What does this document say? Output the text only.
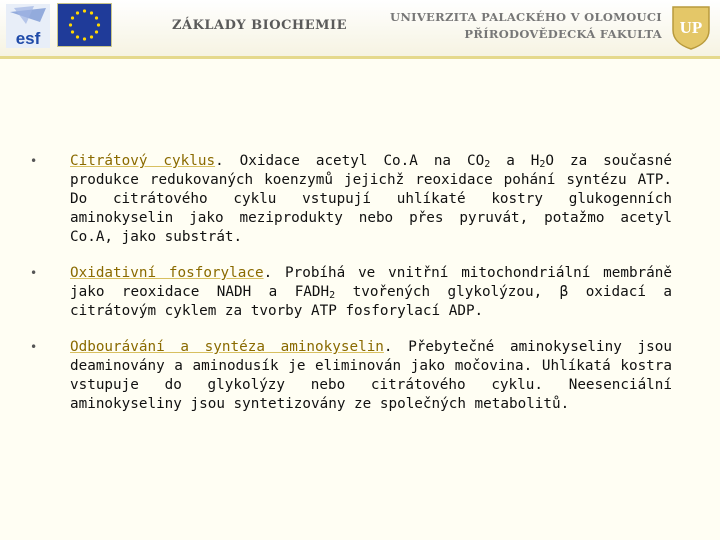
esf
ZÁKLADY BIOCHEMIE
UNIVERZITA PALACKÉHO V OLOMOUCI
PŘÍRODOVĚDECKÁ FAKULTA UP
• Citrátový cyklus. Oxidace acetyl Co.A na $CO_2$ a $H_2O$ za současné produkce redukovaných koenzymů jejichž reoxidace pohání syntézu ATP. Do citrátového cyklu vstupují uhlíkaté kostry glukogenních aminokyselin jako meziprodukty nebo přes pyruvát, potažmo acetyl Co.A, jako substrát.
• Oxidativní fosforylace. Probíhá ve vnitřní mitochondriální membráně jako reoxidace NADH a $FADH_2$ tvořených glykolýzou, β oxidací a citrátovým cyklem za tvorby ATP fosforylací ADP.
• Odbourávání a syntéza aminokyselin. Přebytečné aminokyseliny jsou deaminovány a aminodusík je eliminován jako močovina. Uhlíkatá kostra vstupuje do glykolýzy nebo citrátového cyklu. Neesenciální aminokyseliny jsou syntetizovány ze společných metabolitů.
